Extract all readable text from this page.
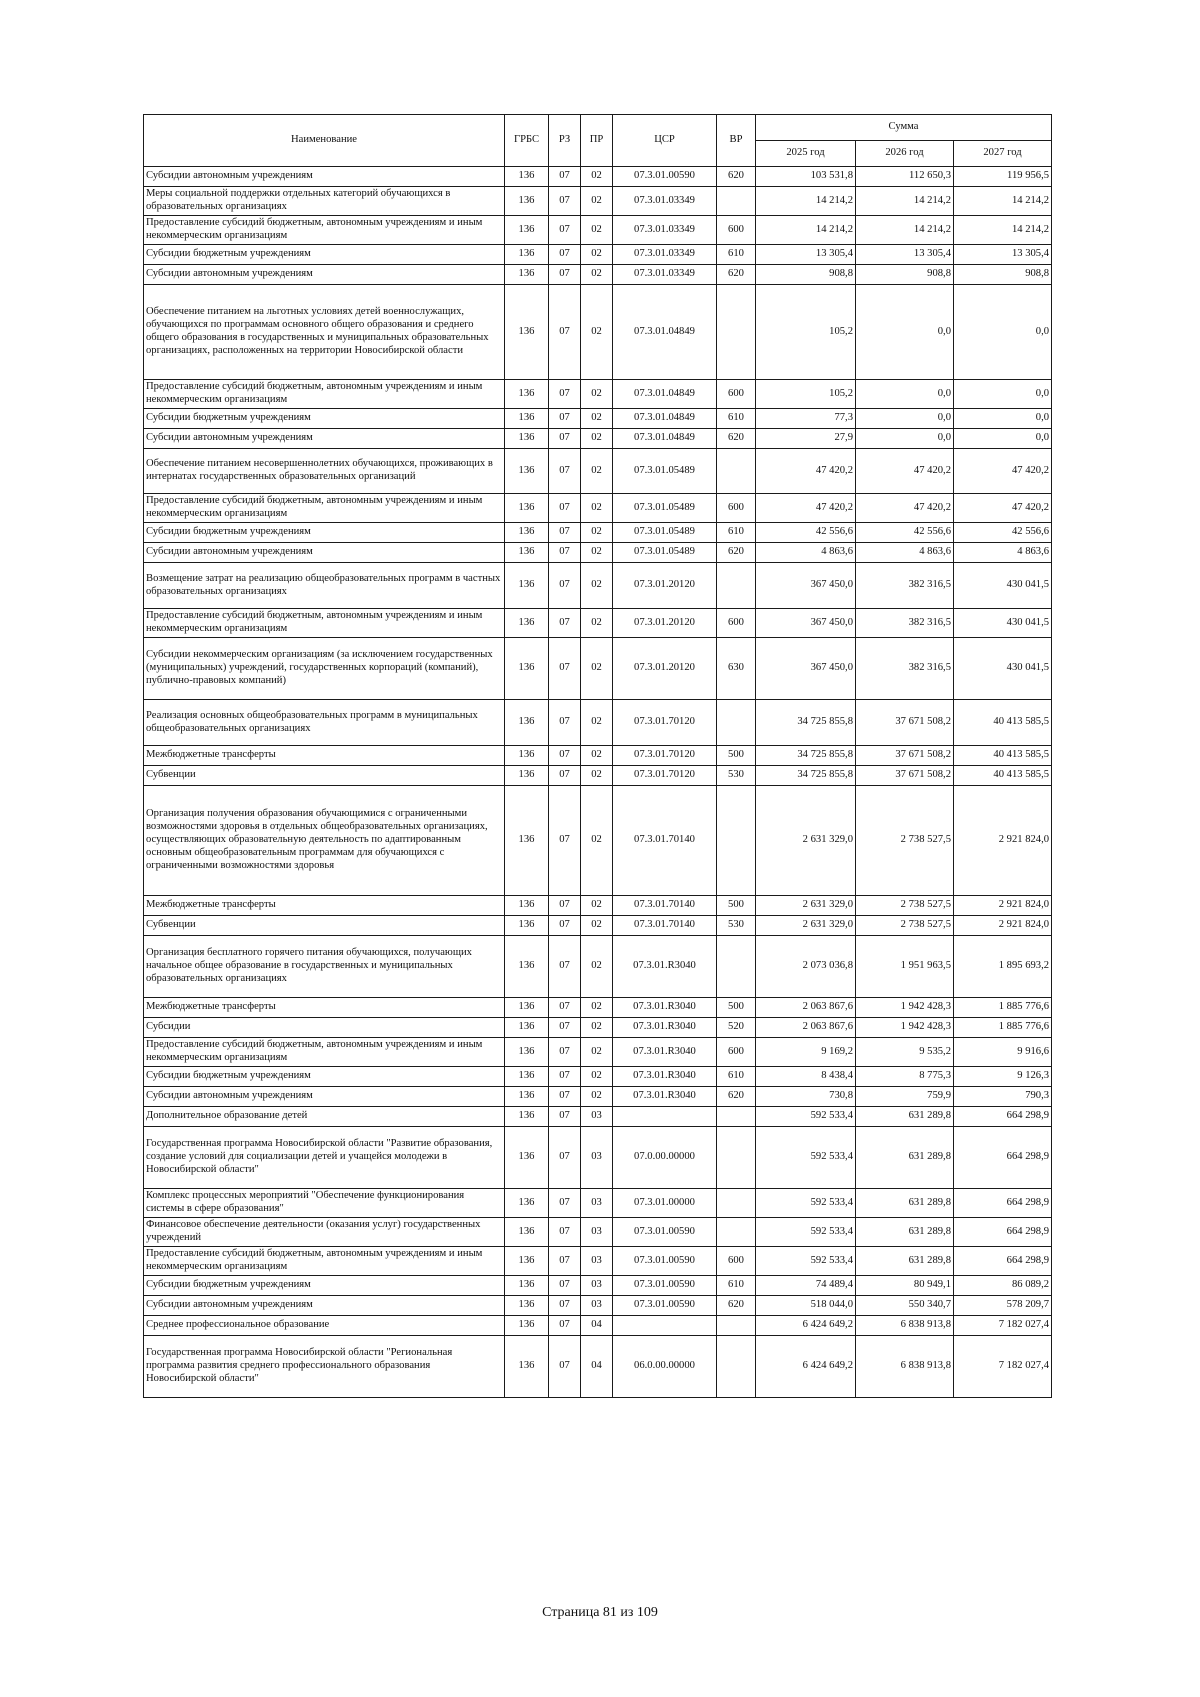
Наименование	ГРБС	РЗ	ПР	ЦСР	ВР	Сумма		
						2025 год	2026 год	2027 год
Субсидии автономным учреждениям	136	07	02	07.3.01.00590	620	103 531,8	112 650,3	119 956,5
Меры социальной поддержки отдельных категорий обучающихся в образовательных организациях	136	07	02	07.3.01.03349		14 214,2	14 214,2	14 214,2
Предоставление субсидий бюджетным, автономным учреждениям и иным некоммерческим организациям	136	07	02	07.3.01.03349	600	14 214,2	14 214,2	14 214,2
Субсидии бюджетным учреждениям	136	07	02	07.3.01.03349	610	13 305,4	13 305,4	13 305,4
Субсидии автономным учреждениям	136	07	02	07.3.01.03349	620	908,8	908,8	908,8
Обеспечение питанием на льготных условиях детей военнослужащих, обучающихся по программам основного общего образования и среднего общего образования в государственных и муниципальных образовательных организациях, расположенных на территории Новосибирской области	136	07	02	07.3.01.04849		105,2	0,0	0,0
Предоставление субсидий бюджетным, автономным учреждениям и иным некоммерческим организациям	136	07	02	07.3.01.04849	600	105,2	0,0	0,0
Субсидии бюджетным учреждениям	136	07	02	07.3.01.04849	610	77,3	0,0	0,0
Субсидии автономным учреждениям	136	07	02	07.3.01.04849	620	27,9	0,0	0,0
Обеспечение питанием несовершеннолетних обучающихся, проживающих в интернатах государственных образовательных организаций	136	07	02	07.3.01.05489		47 420,2	47 420,2	47 420,2
Предоставление субсидий бюджетным, автономным учреждениям и иным некоммерческим организациям	136	07	02	07.3.01.05489	600	47 420,2	47 420,2	47 420,2
Субсидии бюджетным учреждениям	136	07	02	07.3.01.05489	610	42 556,6	42 556,6	42 556,6
Субсидии автономным учреждениям	136	07	02	07.3.01.05489	620	4 863,6	4 863,6	4 863,6
Возмещение затрат на реализацию общеобразовательных программ в частных образовательных организациях	136	07	02	07.3.01.20120		367 450,0	382 316,5	430 041,5
Предоставление субсидий бюджетным, автономным учреждениям и иным некоммерческим организациям	136	07	02	07.3.01.20120	600	367 450,0	382 316,5	430 041,5
Субсидии некоммерческим организациям (за исключением государственных (муниципальных) учреждений, государственных корпораций (компаний), публично-правовых компаний)	136	07	02	07.3.01.20120	630	367 450,0	382 316,5	430 041,5
Реализация основных общеобразовательных программ в муниципальных общеобразовательных организациях	136	07	02	07.3.01.70120		34 725 855,8	37 671 508,2	40 413 585,5
Межбюджетные трансферты	136	07	02	07.3.01.70120	500	34 725 855,8	37 671 508,2	40 413 585,5
Субвенции	136	07	02	07.3.01.70120	530	34 725 855,8	37 671 508,2	40 413 585,5
Организация получения образования обучающимися с ограниченными возможностями здоровья в отдельных общеобразовательных организациях, осуществляющих образовательную деятельность по адаптированным основным общеобразовательным программам для обучающихся с ограниченными возможностями здоровья	136	07	02	07.3.01.70140		2 631 329,0	2 738 527,5	2 921 824,0
Межбюджетные трансферты	136	07	02	07.3.01.70140	500	2 631 329,0	2 738 527,5	2 921 824,0
Субвенции	136	07	02	07.3.01.70140	530	2 631 329,0	2 738 527,5	2 921 824,0
Организация бесплатного горячего питания обучающихся, получающих начальное общее образование в государственных и муниципальных образовательных организациях	136	07	02	07.3.01.R3040		2 073 036,8	1 951 963,5	1 895 693,2
Межбюджетные трансферты	136	07	02	07.3.01.R3040	500	2 063 867,6	1 942 428,3	1 885 776,6
Субсидии	136	07	02	07.3.01.R3040	520	2 063 867,6	1 942 428,3	1 885 776,6
Предоставление субсидий бюджетным, автономным учреждениям и иным некоммерческим организациям	136	07	02	07.3.01.R3040	600	9 169,2	9 535,2	9 916,6
Субсидии бюджетным учреждениям	136	07	02	07.3.01.R3040	610	8 438,4	8 775,3	9 126,3
Субсидии автономным учреждениям	136	07	02	07.3.01.R3040	620	730,8	759,9	790,3
Дополнительное образование детей	136	07	03			592 533,4	631 289,8	664 298,9
Государственная программа Новосибирской области "Развитие образования, создание условий для социализации детей и учащейся молодежи в Новосибирской области"	136	07	03	07.0.00.00000		592 533,4	631 289,8	664 298,9
Комплекс процессных мероприятий "Обеспечение функционирования системы в сфере образования"	136	07	03	07.3.01.00000		592 533,4	631 289,8	664 298,9
Финансовое обеспечение деятельности (оказания услуг) государственных учреждений	136	07	03	07.3.01.00590		592 533,4	631 289,8	664 298,9
Предоставление субсидий бюджетным, автономным учреждениям и иным некоммерческим организациям	136	07	03	07.3.01.00590	600	592 533,4	631 289,8	664 298,9
Субсидии бюджетным учреждениям	136	07	03	07.3.01.00590	610	74 489,4	80 949,1	86 089,2
Субсидии автономным учреждениям	136	07	03	07.3.01.00590	620	518 044,0	550 340,7	578 209,7
Среднее профессиональное образование	136	07	04			6 424 649,2	6 838 913,8	7 182 027,4
Государственная программа Новосибирской области "Региональная программа развития среднего профессионального образования Новосибирской области"	136	07	04	06.0.00.00000		6 424 649,2	6 838 913,8	7 182 027,4
Страница 81 из 109
